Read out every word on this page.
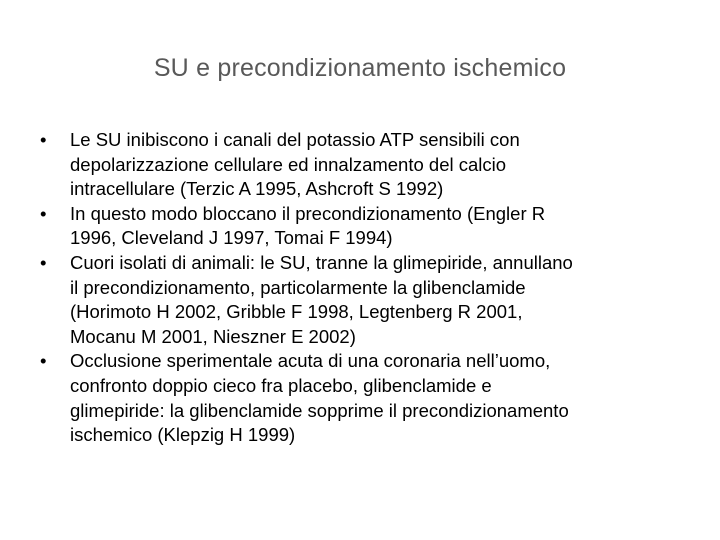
SU e precondizionamento ischemico
•	Le SU inibiscono i canali del potassio ATP sensibili con
depolarizzazione cellulare ed innalzamento del calcio
intracellulare (Terzic A 1995, Ashcroft S 1992)
•	In questo modo bloccano il precondizionamento (Engler R
1996, Cleveland J 1997, Tomai F 1994)
•	Cuori isolati di animali: le SU, tranne la glimepiride, annullano
il precondizionamento, particolarmente la glibenclamide
(Horimoto H 2002, Gribble F 1998, Legtenberg R 2001,
Mocanu M 2001, Nieszner E 2002)
•	Occlusione sperimentale acuta di una coronaria nell’uomo,
confronto doppio cieco fra placebo, glibenclamide e
glimepiride: la glibenclamide sopprime il precondizionamento
ischemico (Klepzig H 1999)
